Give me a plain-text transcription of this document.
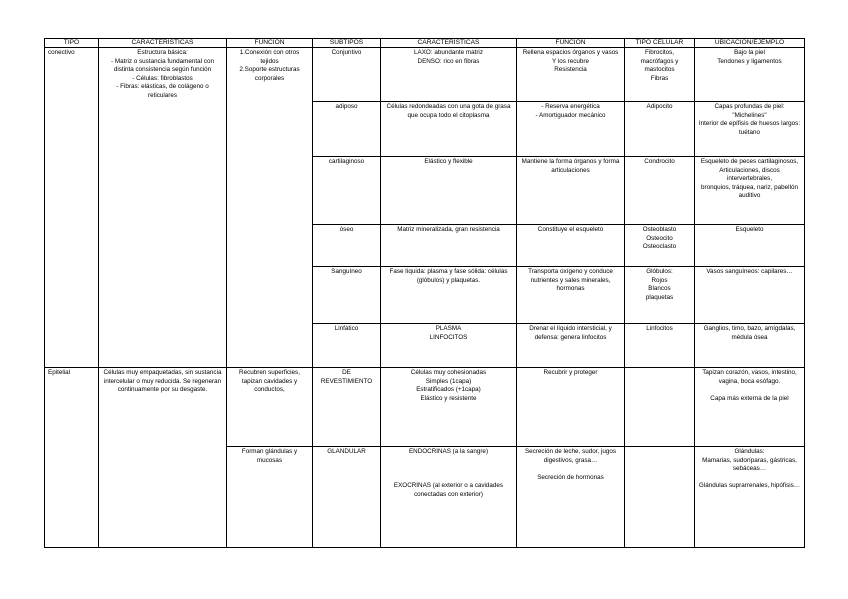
TIPO	CARACTERÍSTICAS	FUNCIÓN	SUBTIPOS	CARACTERÍSTICAS	FUNCIÓN	TIPO CELULAR	UBICACIÓN/EJEMPLO
conectivo	Estructura básica:
- Matriz o sustancia fundamental con distinta consistencia según función
- Células: fibroblastos
- Fibras: elásticas, de colágeno o reticulares	1.Conexión con otros tejidos
2.Soporte estructuras corporales	Conjuntivo	LAXO: abundante matriz
DENSO: rico en fibras	Rellena espacios órganos y vasos
Y los recubre
Resistencia	Fibrocitos,
macrófagos y mastocitos
Fibras	Bajo la piel
Tendones y ligamentos
			adiposo	Células redondeadas con una gota de grasa que ocupa todo el citoplasma	- Reserva energética
- Amortiguador mecánico	Adipocito	Capas profundas de piel: "Michelines"
Interior de epífisis de huesos largos: tuétano
			cartilaginoso	Elástico y flexible	Mantiene la forma órganos y forma articulaciones	Condrocito	Esqueleto de peces cartilaginosos,
Articulaciones, discos intervertebrales,
bronquios, tráquea, nariz, pabellón auditivo
			óseo	Matriz mineralizada, gran resistencia	Constituye el esqueleto	Osteoblasto
Osteocito
Osteoclasto	Esqueleto
			Sanguíneo	Fase líquida: plasma y fase sólida: células (glóbulos) y plaquetas.	Transporta oxígeno y conduce nutrientes y sales minerales, hormonas	Glóbulos:
Rojos
Blancos
plaquetas	Vasos sanguíneos: capilares…
			Linfático	PLASMA
LINFOCITOS	Drenar el líquido intersticial, y defensa: genera linfocitos	Linfocitos	Ganglios, timo, bazo, amígdalas, médula ósea
Epitelial	Células muy empaquetadas, sin sustancia intercelular o muy reducida. Se regeneran continuamente por su desgaste.	Recubren superficies, tapizan cavidades y conductos,	DE REVESTIMIENTO	Células muy cohesionadas
Simples (1capa)
Estratificados (+1capa)
Elástico y resistente	Recubrir y proteger		Tapizan corazón, vasos, intestino, vagina, boca esófago.

Capa más externa de la piel
		Forman glándulas y mucosas	GLANDULAR	ENDOCRINAS (a la sangre)

EXOCRINAS (al exterior o a cavidades conectadas con exterior)	Secreción de leche, sudor, jugos digestivos, grasa…

Secreción de hormonas		Glándulas:
Mamarias, sudoríparas, gástricas, sebáceas…

Glándulas suprarrenales, hipófisis…
